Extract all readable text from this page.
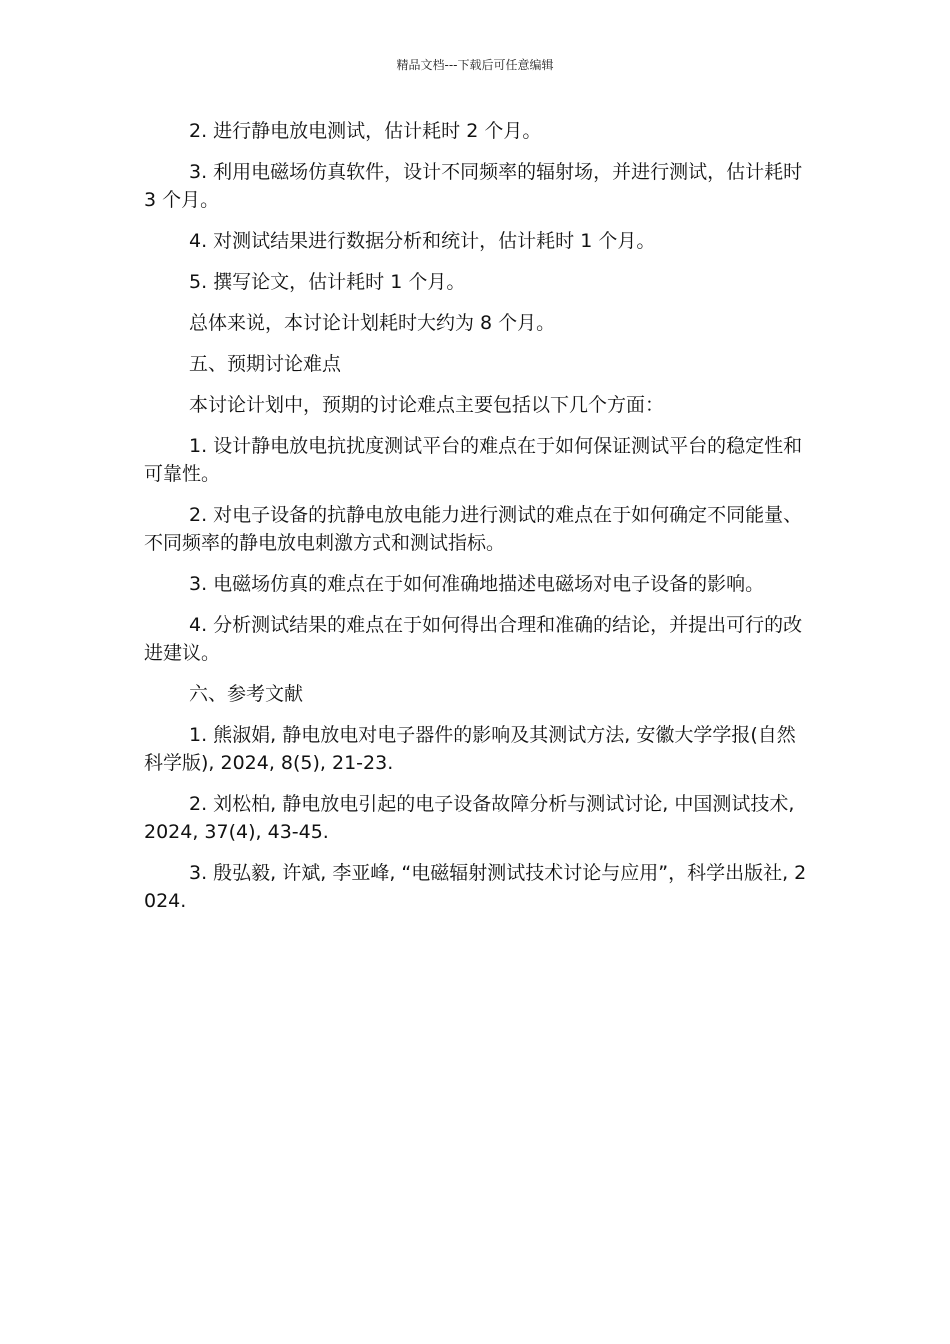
精品文档---下载后可任意编辑

2. 进行静电放电测试，估计耗时 2 个月。

3. 利用电磁场仿真软件，设计不同频率的辐射场，并进行测试，估计耗时 3 个月。

4. 对测试结果进行数据分析和统计，估计耗时 1 个月。

5. 撰写论文，估计耗时 1 个月。

总体来说，本讨论计划耗时大约为 8 个月。

五、预期讨论难点

本讨论计划中，预期的讨论难点主要包括以下几个方面：

1. 设计静电放电抗扰度测试平台的难点在于如何保证测试平台的稳定性和可靠性。

2. 对电子设备的抗静电放电能力进行测试的难点在于如何确定不同能量、不同频率的静电放电刺激方式和测试指标。

3. 电磁场仿真的难点在于如何准确地描述电磁场对电子设备的影响。

4. 分析测试结果的难点在于如何得出合理和准确的结论，并提出可行的改进建议。

六、参考文献

1. 熊淑娟, 静电放电对电子器件的影响及其测试方法, 安徽大学学报(自然科学版), 2024, 8(5), 21-23.

2. 刘松柏, 静电放电引起的电子设备故障分析与测试讨论, 中国测试技术, 2024, 37(4), 43-45.

3. 殷弘毅, 许斌, 李亚峰, “电磁辐射测试技术讨论与应用”，科学出版社, 2024.
